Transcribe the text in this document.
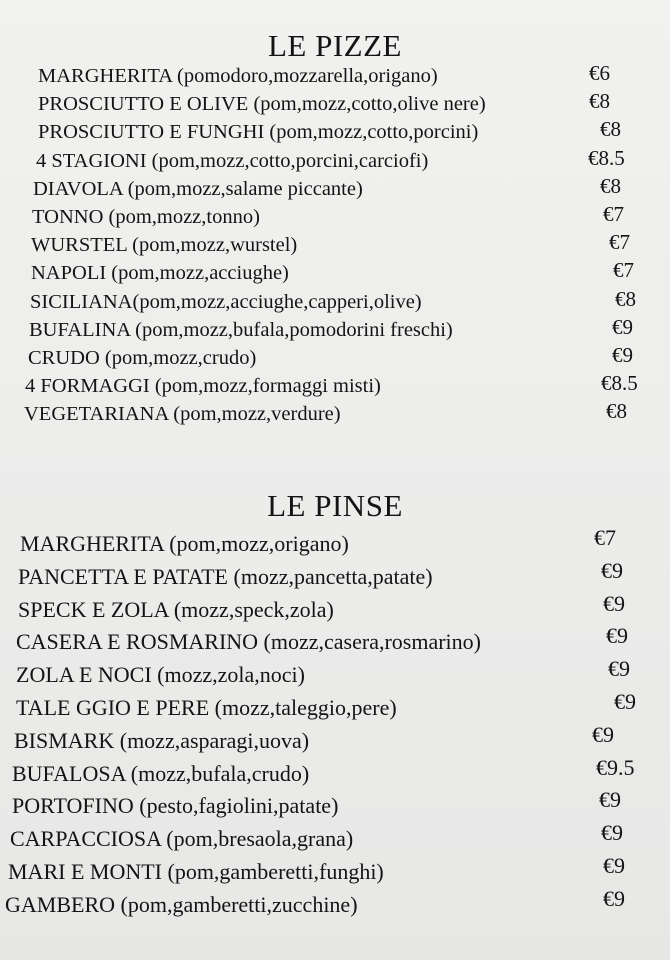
LE PIZZE
MARGHERITA (pomodoro,mozzarella,origano)	€6
PROSCIUTTO E OLIVE (pom,mozz,cotto,olive nere)	€8
PROSCIUTTO E FUNGHI (pom,mozz,cotto,porcini)	€8
4 STAGIONI (pom,mozz,cotto,porcini,carciofi)	€8.5
DIAVOLA (pom,mozz,salame piccante)	€8
TONNO (pom,mozz,tonno)	€7
WURSTEL (pom,mozz,wurstel)	€7
NAPOLI (pom,mozz,acciughe)	€7
SICILIANA(pom,mozz,acciughe,capperi,olive)	€8
BUFALINA (pom,mozz,bufala,pomodorini freschi)	€9
CRUDO (pom,mozz,crudo)	€9
4 FORMAGGI (pom,mozz,formaggi misti)	€8.5
VEGETARIANA (pom,mozz,verdure)	€8
LE PINSE
MARGHERITA (pom,mozz,origano)	€7
PANCETTA E PATATE (mozz,pancetta,patate)	€9
SPECK E ZOLA (mozz,speck,zola)	€9
CASERA E ROSMARINO (mozz,casera,rosmarino)	€9
ZOLA E NOCI (mozz,zola,noci)	€9
TALE GGIO E PERE (mozz,taleggio,pere)	€9
BISMARK (mozz,asparagi,uova)	€9
BUFALOSA (mozz,bufala,crudo)	€9.5
PORTOFINO (pesto,fagiolini,patate)	€9
CARPACCIOSA (pom,bresaola,grana)	€9
MARI E MONTI (pom,gamberetti,funghi)	€9
GAMBERO (pom,gamberetti,zucchine)	€9
